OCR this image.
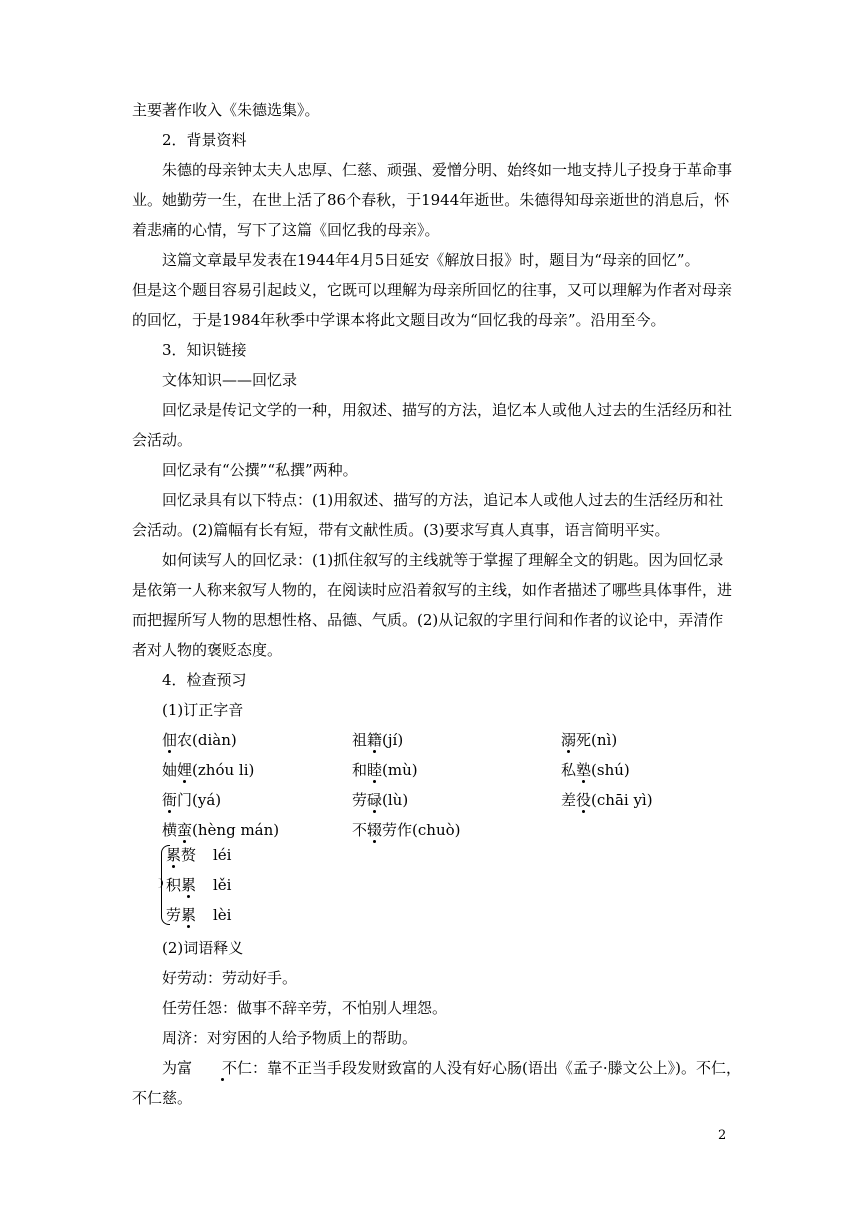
主要著作收入《朱德选集》。
2．背景资料
朱德的母亲钟太夫人忠厚、仁慈、顽强、爱憎分明、始终如一地支持儿子投身于革命事
业。她勤劳一生，在世上活了86个春秋，于1944年逝世。朱德得知母亲逝世的消息后，怀
着悲痛的心情，写下了这篇《回忆我的母亲》。
这篇文章最早发表在1944年4月5日延安《解放日报》时，题目为“母亲的回忆”。
但是这个题目容易引起歧义，它既可以理解为母亲所回忆的往事，又可以理解为作者对母亲
的回忆，于是1984年秋季中学课本将此文题目改为“回忆我的母亲”。沿用至今。
3．知识链接
文体知识——回忆录
回忆录是传记文学的一种，用叙述、描写的方法，追忆本人或他人过去的生活经历和社
会活动。
回忆录有“公撰”“私撰”两种。
回忆录具有以下特点：(1)用叙述、描写的方法，追记本人或他人过去的生活经历和社
会活动。(2)篇幅有长有短，带有文献性质。(3)要求写真人真事，语言简明平实。
如何读写人的回忆录：(1)抓住叙写的主线就等于掌握了理解全文的钥匙。因为回忆录
是依第一人称来叙写人物的，在阅读时应沿着叙写的主线，如作者描述了哪些具体事件，进
而把握所写人物的思想性格、品德、气质。(2)从记叙的字里行间和作者的议论中，弄清作
者对人物的褒贬态度。
4．检查预习
(1)订正字音
佃农(diàn)	祖籍(jí)	溺死(nì)
妯娌(zhóu li)	和睦(mù)	私塾(shú)
衙门(yá)	劳碌(lù)	差役(chāi yì)
横蛮(hèng mán)	不辍劳作(chuò)
累赘 léi
积累 lěi
劳累 lèi
(2)词语释义
好劳动：劳动好手。
任劳任怨：做事不辞辛劳，不怕别人埋怨。
周济：对穷困的人给予物质上的帮助。
为富 不仁：靠不正当手段发财致富的人没有好心肠(语出《孟子·滕文公上》)。不仁，
不仁慈。
2
